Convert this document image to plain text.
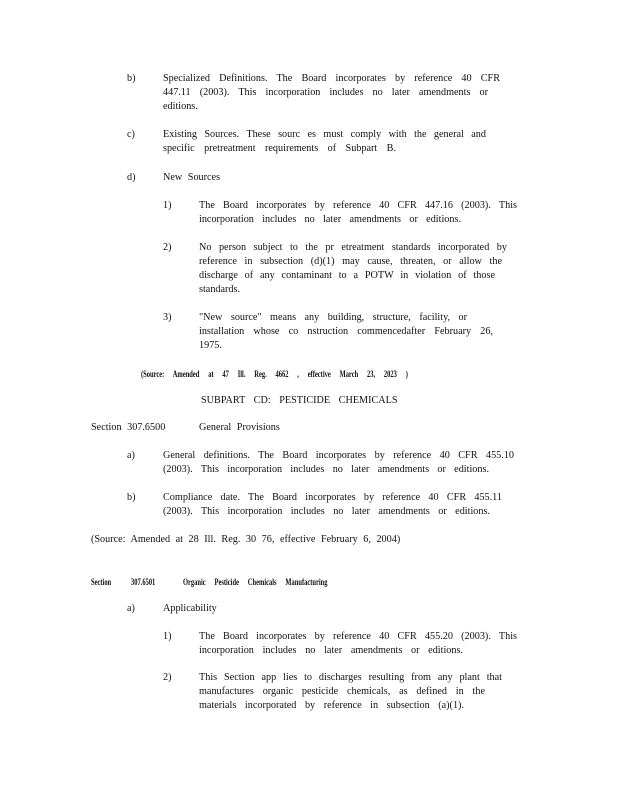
b)	Specialized Definitions. The Board incorporates by reference 40 CFR
447.11 (2003). This incorporation includes no later amendments or
editions.
c)	Existing Sources. These sourc es must comply with the general and
specific pretreatment requirements of Subpart B.
d)	New Sources
1)	The Board incorporates by reference 40 CFR 447.16 (2003). This
incorporation includes no later amendments or editions.
2)	No person subject to the pr etreatment standards incorporated by
reference in subsection (d)(1) may cause, threaten, or allow the
discharge of any contaminant to a POTW in violation of those
standards.
3)	"New source" means any building, structure, facility, or
installation whose co nstruction commencedafter February 26,
1975.
(Source: Amended at 47 Ill. Reg. 4662 , effective March 23, 2023 )
SUBPART CD: PESTICIDE CHEMICALS
Section 307.6500	General Provisions
a)	General definitions. The Board incorporates by reference 40 CFR 455.10
(2003). This incorporation includes no later amendments or editions.
b)	Compliance date. The Board incorporates by reference 40 CFR 455.11
(2003). This incorporation includes no later amendments or editions.
(Source: Amended at 28 Ill. Reg. 30 76, effective February 6, 2004)
Section 307.6501	Organic Pesticide Chemicals Manufacturing
a)	Applicability
1)	The Board incorporates by reference 40 CFR 455.20 (2003). This
incorporation includes no later amendments or editions.
2)	This Section app lies to discharges resulting from any plant that
manufactures organic pesticide chemicals, as defined in the
materials incorporated by reference in subsection (a)(1).
